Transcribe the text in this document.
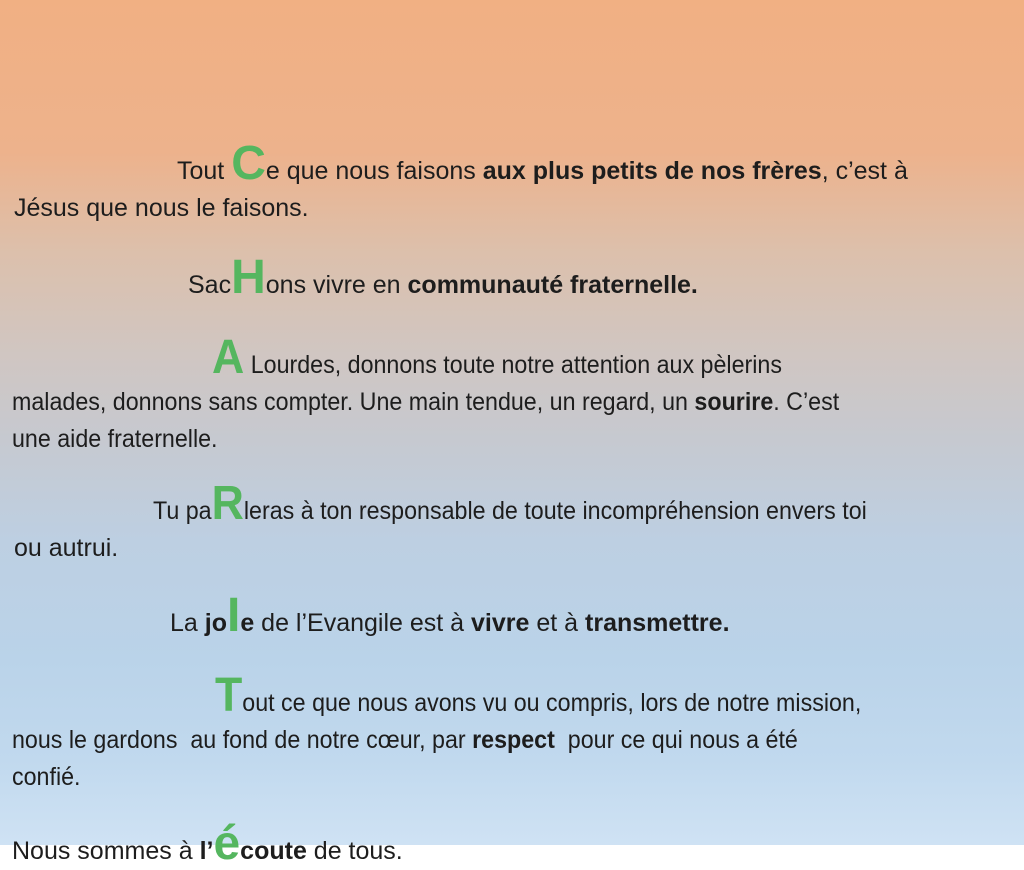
Tout Ce que nous faisons aux plus petits de nos frères, c’est à
Jésus que nous le faisons.
SacHons vivre en communauté fraternelle.
A Lourdes, donnons toute notre attention aux pèlerins
malades, donnons sans compter. Une main tendue, un regard, un sourire. C’est
une aide fraternelle.
Tu paRleras à ton responsable de toute incompréhension envers toi
ou autrui.
La joIe de l’Evangile est à vivre et à transmettre.
Tout ce que nous avons vu ou compris, lors de notre mission,
nous le gardons  au fond de notre cœur, par respect  pour ce qui nous a été
confié.
Nous sommes à l’écoute de tous.
